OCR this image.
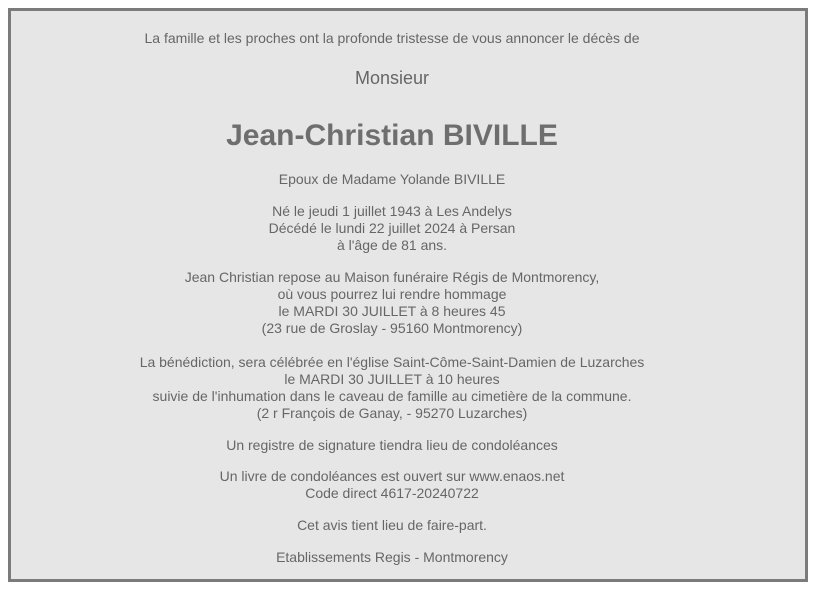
La famille et les proches ont la profonde tristesse de vous annoncer le décès de
Monsieur
Jean-Christian BIVILLE
Epoux de Madame Yolande BIVILLE
Né le jeudi 1 juillet 1943 à Les Andelys
Décédé le lundi 22 juillet 2024 à Persan
à l'âge de 81 ans.
Jean Christian repose au Maison funéraire Régis de Montmorency,
où vous pourrez lui rendre hommage
le MARDI 30 JUILLET à 8 heures 45
(23 rue de Groslay - 95160 Montmorency)
La bénédiction, sera célébrée en l'église Saint-Côme-Saint-Damien de Luzarches
le MARDI 30 JUILLET à 10 heures
suivie de l'inhumation dans le caveau de famille au cimetière de la commune.
(2 r François de Ganay, - 95270 Luzarches)
Un registre de signature tiendra lieu de condoléances
Un livre de condoléances est ouvert sur www.enaos.net
Code direct 4617-20240722
Cet avis tient lieu de faire-part.
Etablissements Regis - Montmorency
